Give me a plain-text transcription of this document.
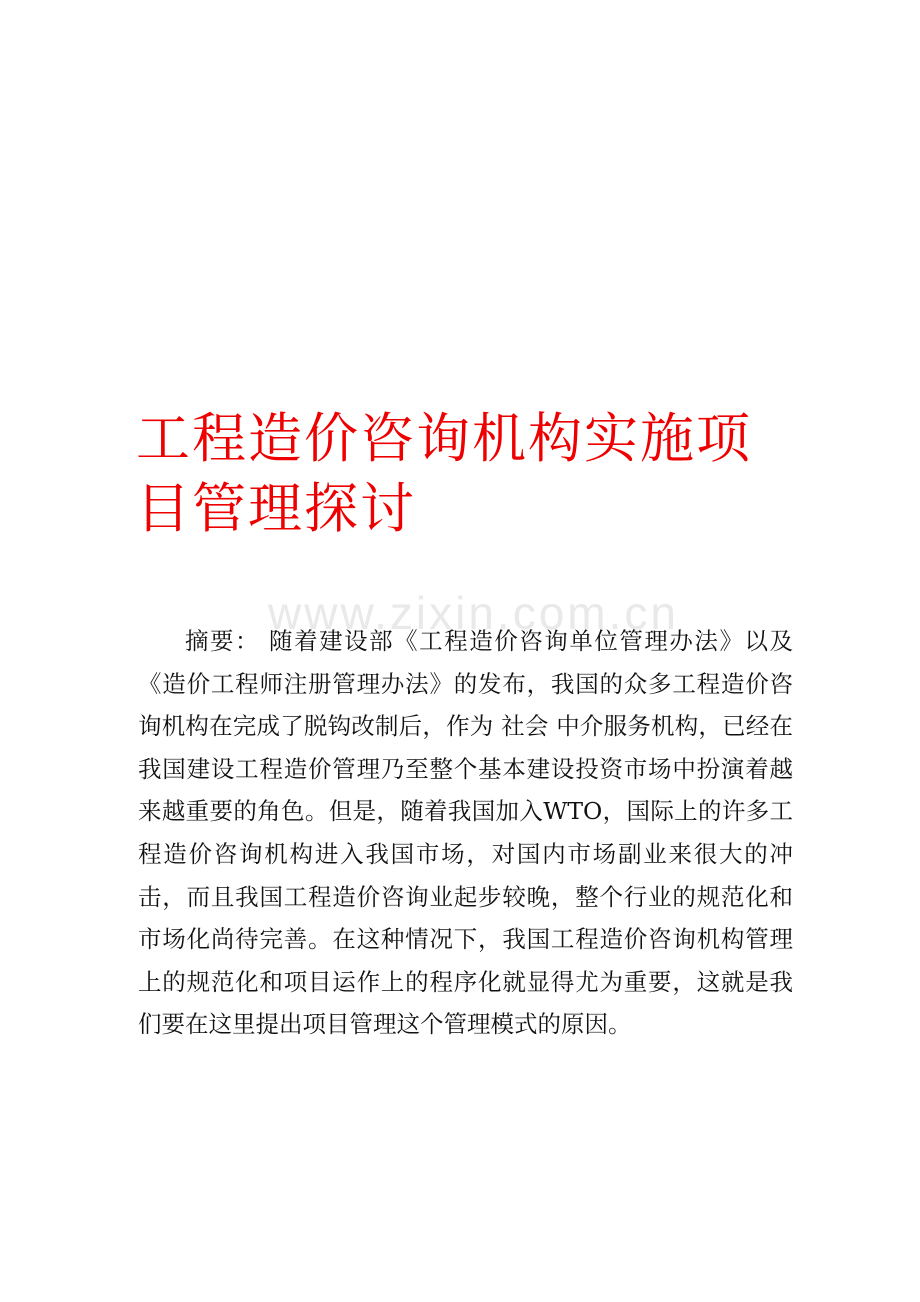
www.zixin.com.cn
工程造价咨询机构实施项目管理探讨

摘要： 随着建设部《工程造价咨询单位管理办法》以及《造价工程师注册管理办法》的发布，我国的众多工程造价咨询机构在完成了脱钩改制后，作为 社会 中介服务机构，已经在我国建设工程造价管理乃至整个基本建设投资市场中扮演着越来越重要的角色。但是，随着我国加入WTO，国际上的许多工程造价咨询机构进入我国市场，对国内市场副业来很大的冲击，而且我国工程造价咨询业起步较晚，整个行业的规范化和市场化尚待完善。在这种情况下，我国工程造价咨询机构管理上的规范化和项目运作上的程序化就显得尤为重要，这就是我们要在这里提出项目管理这个管理模式的原因。
